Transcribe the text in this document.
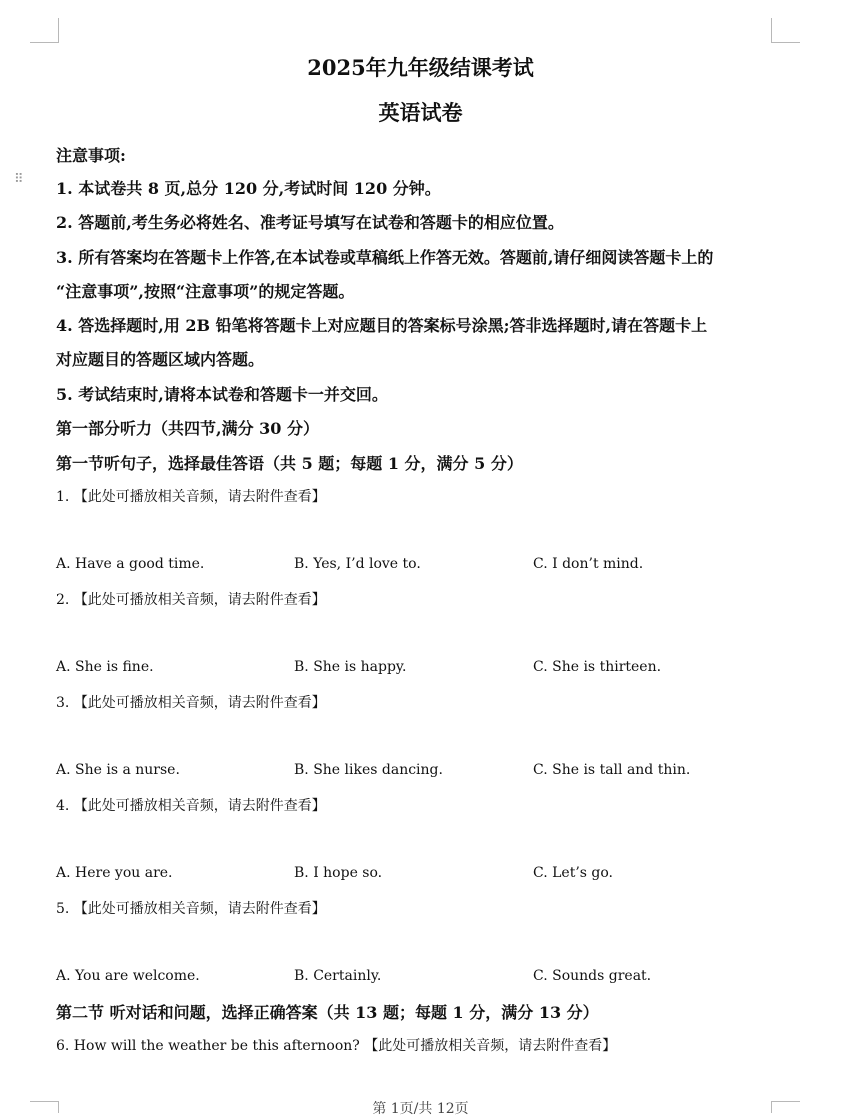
⠿
2025年九年级结课考试
英语试卷
注意事项:
1. 本试卷共 8 页,总分 120 分,考试时间 120 分钟。
2. 答题前,考生务必将姓名、准考证号填写在试卷和答题卡的相应位置。
3. 所有答案均在答题卡上作答,在本试卷或草稿纸上作答无效。答题前,请仔细阅读答题卡上的
“注意事项”,按照“注意事项”的规定答题。
4. 答选择题时,用 2B 铅笔将答题卡上对应题目的答案标号涂黑;答非选择题时,请在答题卡上
对应题目的答题区域内答题。
5. 考试结束时,请将本试卷和答题卡一并交回。
第一部分听力（共四节,满分 30 分）
第一节听句子，选择最佳答语（共 5 题；每题 1 分，满分 5 分）
1. 【此处可播放相关音频，请去附件查看】
A. Have a good time.	B. Yes, I’d love to.	C. I don’t mind.
2. 【此处可播放相关音频，请去附件查看】
A. She is fine.	B. She is happy.	C. She is thirteen.
3. 【此处可播放相关音频，请去附件查看】
A. She is a nurse.	B. She likes dancing.	C. She is tall and thin.
4. 【此处可播放相关音频，请去附件查看】
A. Here you are.	B. I hope so.	C. Let’s go.
5. 【此处可播放相关音频，请去附件查看】
A. You are welcome.	B. Certainly.	C. Sounds great.
第二节 听对话和问题，选择正确答案（共 13 题；每题 1 分，满分 13 分）
6. How will the weather be this afternoon? 【此处可播放相关音频，请去附件查看】
第 1页/共 12页
